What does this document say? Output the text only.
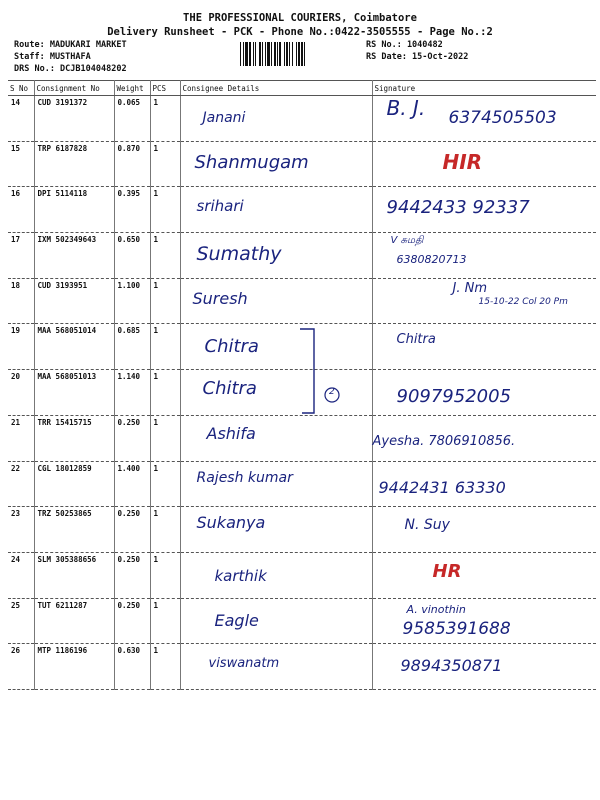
THE PROFESSIONAL COURIERS, Coimbatore
Delivery Runsheet - PCK - Phone No.:0422-3505555 - Page No.:2
Route: MADUKARI MARKET
Staff: MUSTHAFA
DRS No.: DCJB104048202
RS No.: 1040482
RS Date: 15-Oct-2022
S No	Consignment No	Weight	PCS	Consignee Details	Signature
14	CUD 3191372	0.065	1	Janani	B. J. 6374505503

15	TRP 6187828	0.870	1	Shanmugam	HIR

16	DPI 5114118	0.395	1	srihari	9442433 92337

17	IXM 502349643	0.650	1	Sumathy	V சுமதி
6380820713

18	CUD 3193951	1.100	1	Suresh	J. Nm
15-10-22 Col 20 Pm

19	MAA 568051014	0.685	1	Chitra	Chitra

20	MAA 568051013	1.140	1	Chitra	9097952005

21	TRR 15415715	0.250	1	Ashifa	Ayesha. 7806910856.

22	CGL 18012859	1.400	1	Rajesh kumar	9442431 63330

23	TRZ 50253865	0.250	1	Sukanya	N. Suy

24	SLM 305388656	0.250	1	karthik	HR

25	TUT 6211287	0.250	1	Eagle	A. vinothin
9585391688

26	MTP 1186196	0.630	1	viswanatm	9894350871
2
